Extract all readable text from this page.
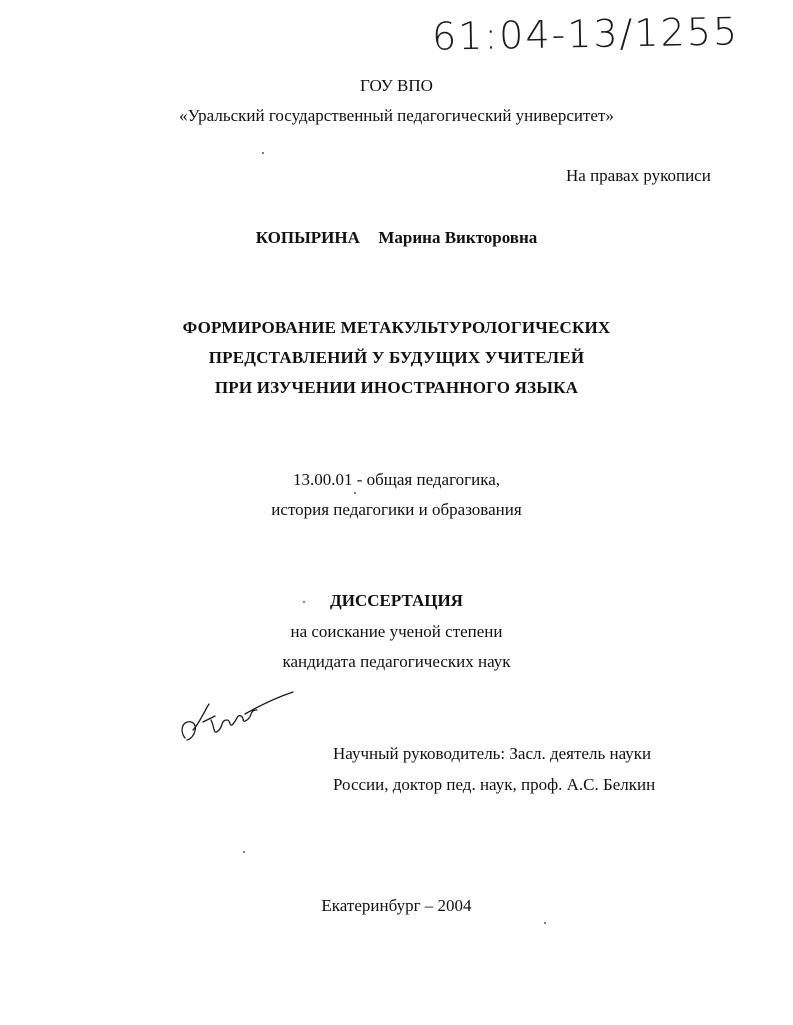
61:04-13/1255
ГОУ ВПО
«Уральский государственный педагогический университет»
На правах рукописи
КОПЫРИНА Марина Викторовна
ФОРМИРОВАНИЕ МЕТАКУЛЬТУРОЛОГИЧЕСКИХ
ПРЕДСТАВЛЕНИЙ У БУДУЩИХ УЧИТЕЛЕЙ
ПРИ ИЗУЧЕНИИ ИНОСТРАННОГО ЯЗЫКА
13.00.01 - общая педагогика,
история педагогики и образования
ДИССЕРТАЦИЯ
на соискание ученой степени
кандидата педагогических наук
Научный руководитель: Засл. деятель науки
России, доктор пед. наук, проф. А.С. Белкин
Екатеринбург – 2004
